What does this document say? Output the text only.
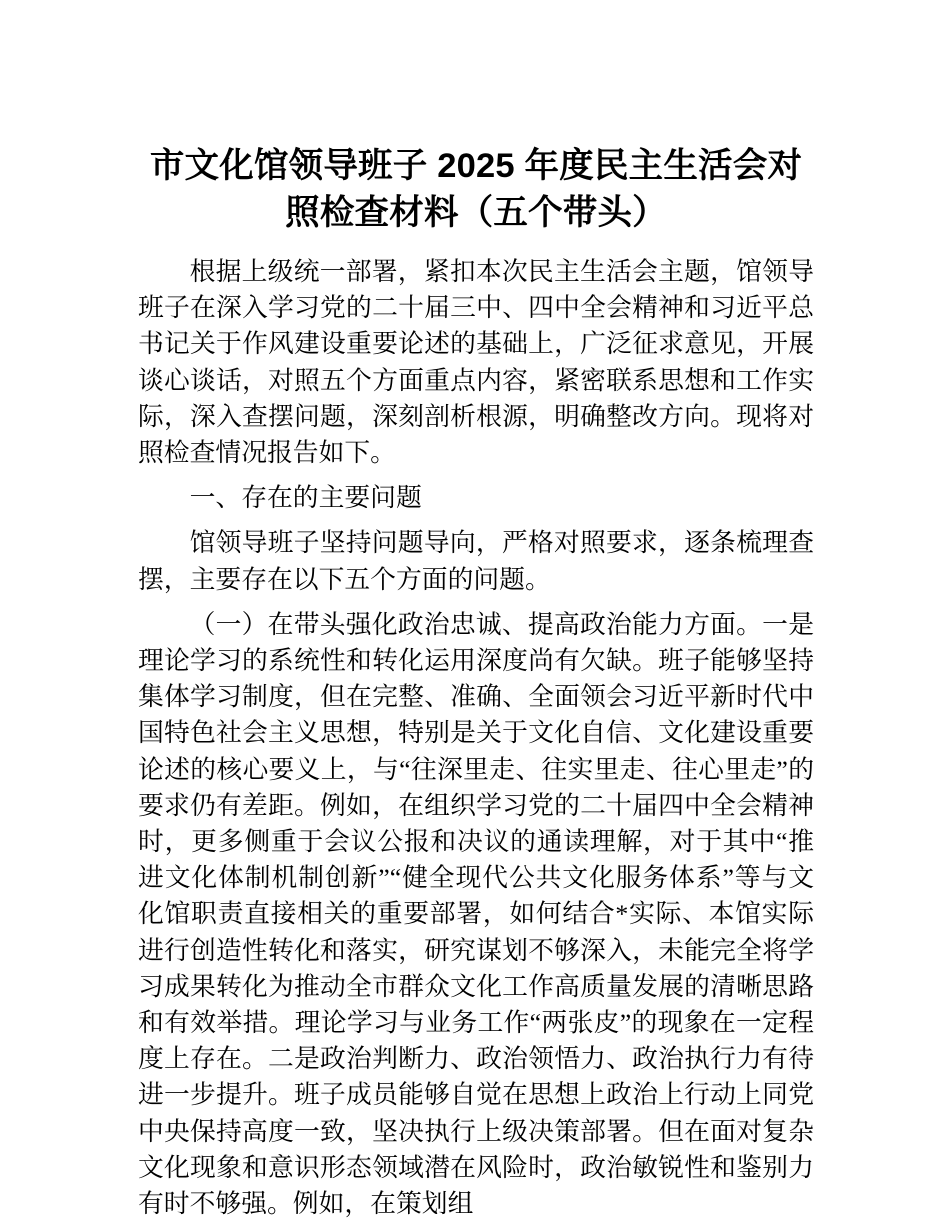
市文化馆领导班子 2025 年度民主生活会对照检查材料（五个带头）

根据上级统一部署，紧扣本次民主生活会主题，馆领导班子在深入学习党的二十届三中、四中全会精神和习近平总书记关于作风建设重要论述的基础上，广泛征求意见，开展谈心谈话，对照五个方面重点内容，紧密联系思想和工作实际，深入查摆问题，深刻剖析根源，明确整改方向。现将对照检查情况报告如下。

一、存在的主要问题

馆领导班子坚持问题导向，严格对照要求，逐条梳理查摆，主要存在以下五个方面的问题。

（一）在带头强化政治忠诚、提高政治能力方面。一是理论学习的系统性和转化运用深度尚有欠缺。班子能够坚持集体学习制度，但在完整、准确、全面领会习近平新时代中国特色社会主义思想，特别是关于文化自信、文化建设重要论述的核心要义上，与“往深里走、往实里走、往心里走”的要求仍有差距。例如，在组织学习党的二十届四中全会精神时，更多侧重于会议公报和决议的通读理解，对于其中“推进文化体制机制创新”“健全现代公共文化服务体系”等与文化馆职责直接相关的重要部署，如何结合*实际、本馆实际进行创造性转化和落实，研究谋划不够深入，未能完全将学习成果转化为推动全市群众文化工作高质量发展的清晰思路和有效举措。理论学习与业务工作“两张皮”的现象在一定程度上存在。二是政治判断力、政治领悟力、政治执行力有待进一步提升。班子成员能够自觉在思想上政治上行动上同党中央保持高度一致，坚决执行上级决策部署。但在面对复杂文化现象和意识形态领域潜在风险时，政治敏锐性和鉴别力有时不够强。例如，在策划组
